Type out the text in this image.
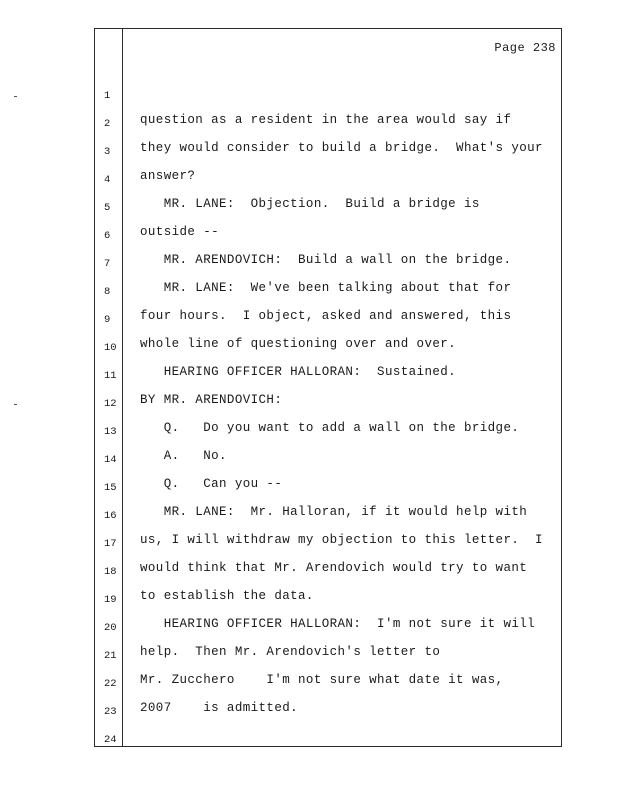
Page 238

1

question as a resident in the area would say if

2

they would consider to build a bridge.  What's your

3

answer?

4

MR. LANE:  Objection.  Build a bridge is

5

outside --

6

MR. ARENDOVICH:  Build a wall on the bridge.

7

MR. LANE:  We've been talking about that for

8

four hours.  I object, asked and answered, this

9

whole line of questioning over and over.

10

HEARING OFFICER HALLORAN:  Sustained.

11

BY MR. ARENDOVICH:

12

Q.   Do you want to add a wall on the bridge.

13

A.   No.

14

Q.   Can you --

15

MR. LANE:  Mr. Halloran, if it would help with

16

us, I will withdraw my objection to this letter.  I

17

would think that Mr. Arendovich would try to want

18

to establish the data.

19

HEARING OFFICER HALLORAN:  I'm not sure it will

20

help.  Then Mr. Arendovich's letter to

21

Mr. Zucchero    I'm not sure what date it was,

22

2007    is admitted.

23

24
